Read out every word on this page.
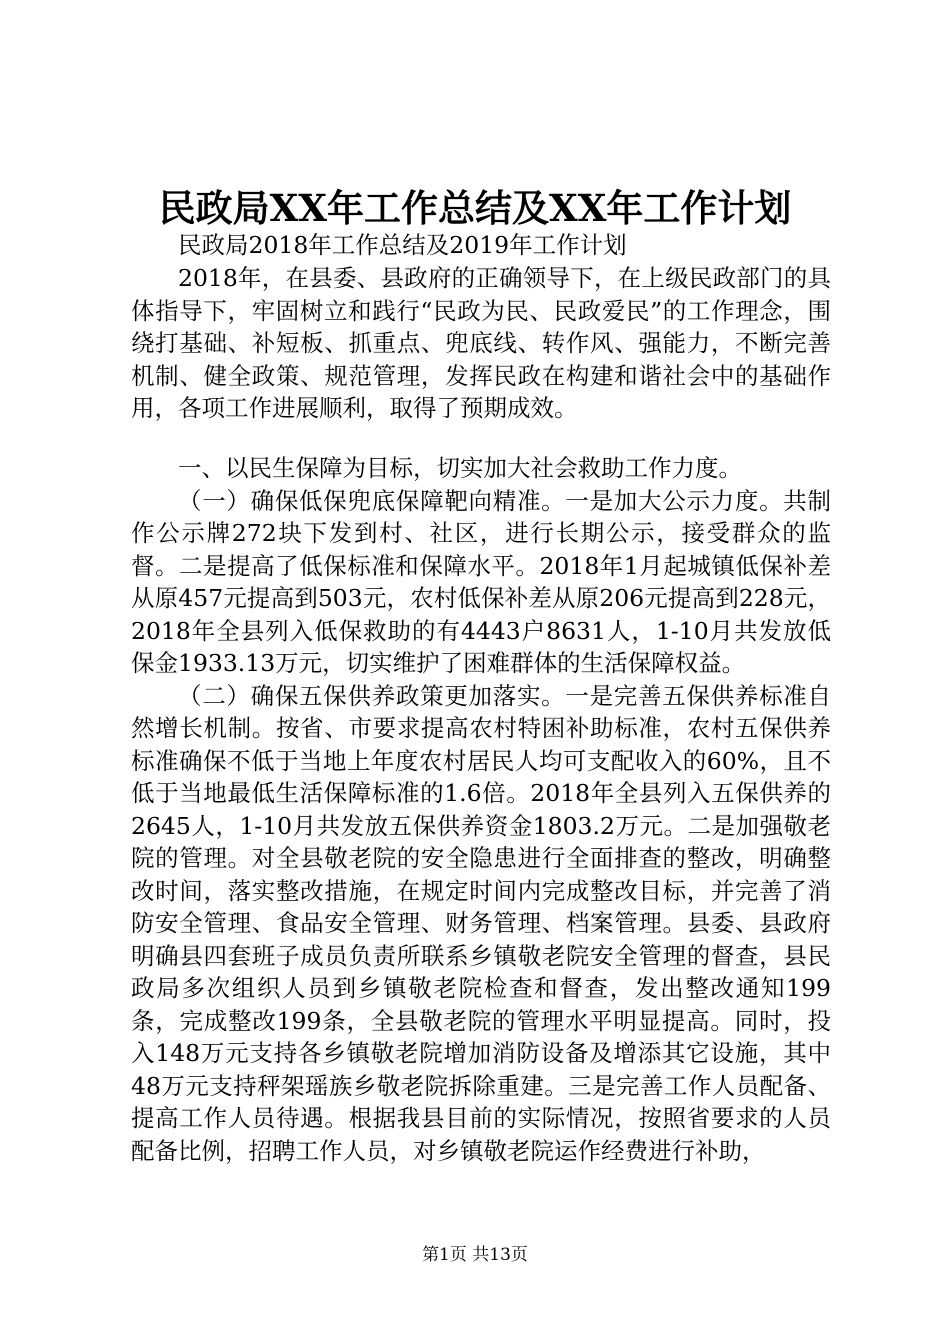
民政局XX年工作总结及XX年工作计划

民政局2018年工作总结及2019年工作计划

2018年，在县委、县政府的正确领导下，在上级民政部门的具体指导下，牢固树立和践行“民政为民、民政爱民”的工作理念，围绕打基础、补短板、抓重点、兜底线、转作风、强能力，不断完善机制、健全政策、规范管理，发挥民政在构建和谐社会中的基础作用，各项工作进展顺利，取得了预期成效。

一、以民生保障为目标，切实加大社会救助工作力度。

（一）确保低保兜底保障靶向精准。一是加大公示力度。共制作公示牌272块下发到村、社区，进行长期公示，接受群众的监督。二是提高了低保标准和保障水平。2018年1月起城镇低保补差从原457元提高到503元，农村低保补差从原206元提高到228元，2018年全县列入低保救助的有4443户8631人，1-10月共发放低保金1933.13万元，切实维护了困难群体的生活保障权益。

（二）确保五保供养政策更加落实。一是完善五保供养标准自然增长机制。按省、市要求提高农村特困补助标准，农村五保供养标准确保不低于当地上年度农村居民人均可支配收入的60%，且不低于当地最低生活保障标准的1.6倍。2018年全县列入五保供养的2645人，1-10月共发放五保供养资金1803.2万元。二是加强敬老院的管理。对全县敬老院的安全隐患进行全面排查的整改，明确整改时间，落实整改措施，在规定时间内完成整改目标，并完善了消防安全管理、食品安全管理、财务管理、档案管理。县委、县政府明确县四套班子成员负责所联系乡镇敬老院安全管理的督查，县民政局多次组织人员到乡镇敬老院检查和督查，发出整改通知199条，完成整改199条，全县敬老院的管理水平明显提高。同时，投入148万元支持各乡镇敬老院增加消防设备及增添其它设施，其中48万元支持秤架瑶族乡敬老院拆除重建。三是完善工作人员配备、提高工作人员待遇。根据我县目前的实际情况，按照省要求的人员配备比例，招聘工作人员，对乡镇敬老院运作经费进行补助，

第1页 共13页
